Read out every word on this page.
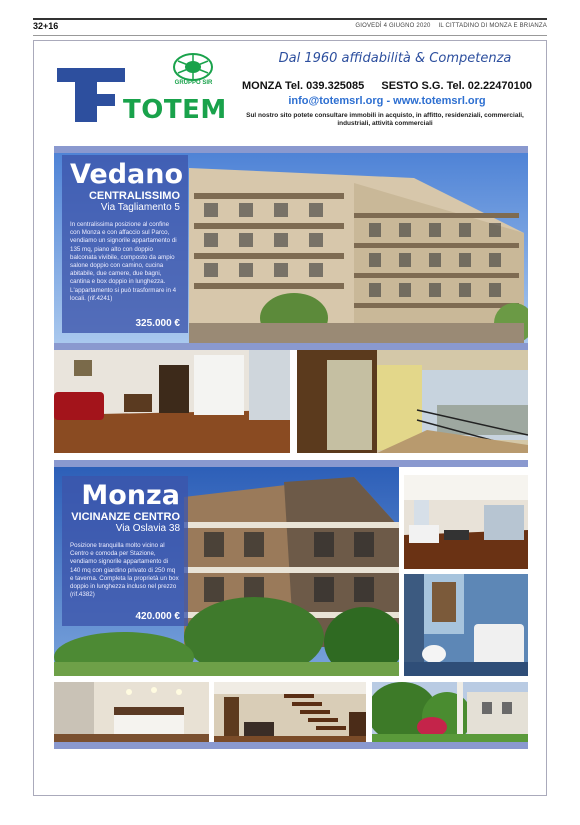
32+16	GIOVEDÌ 4 GIUGNO 2020 IL CITTADINO DI MONZA E BRIANZA
TOTEM
GRUPPO SIR
Dal 1960 affidabilità & Competenza
MONZA Tel. 039.325085 SESTO S.G. Tel. 02.22470100
info@totemsrl.org - www.totemsrl.org
Sul nostro sito potete consultare immobili in acquisto, in affitto, residenziali, commerciali, industriali, attività commerciali
Vedano
CENTRALISSIMO
Via Tagliamento 5
In centralissima posizione al confine con Monza e con affaccio sul Parco, vendiamo un signorile appartamento di 135 mq, piano alto con doppio balconata vivibile, composto da ampio salone doppio con camino, cucina abitabile, due camere, due bagni, cantina e box doppio in lunghezza. L'appartamento si può trasformare in 4 locali. (rif.4241)
325.000 €
Monza
VICINANZE CENTRO
Via Oslavia 38
Posizione tranquilla molto vicino al Centro e comoda per Stazione, vendiamo signorile appartamento di 140 mq con giardino privato di 250 mq e taverna. Completa la proprietà un box doppio in lunghezza incluso nel prezzo (rif.4382)
420.000 €
